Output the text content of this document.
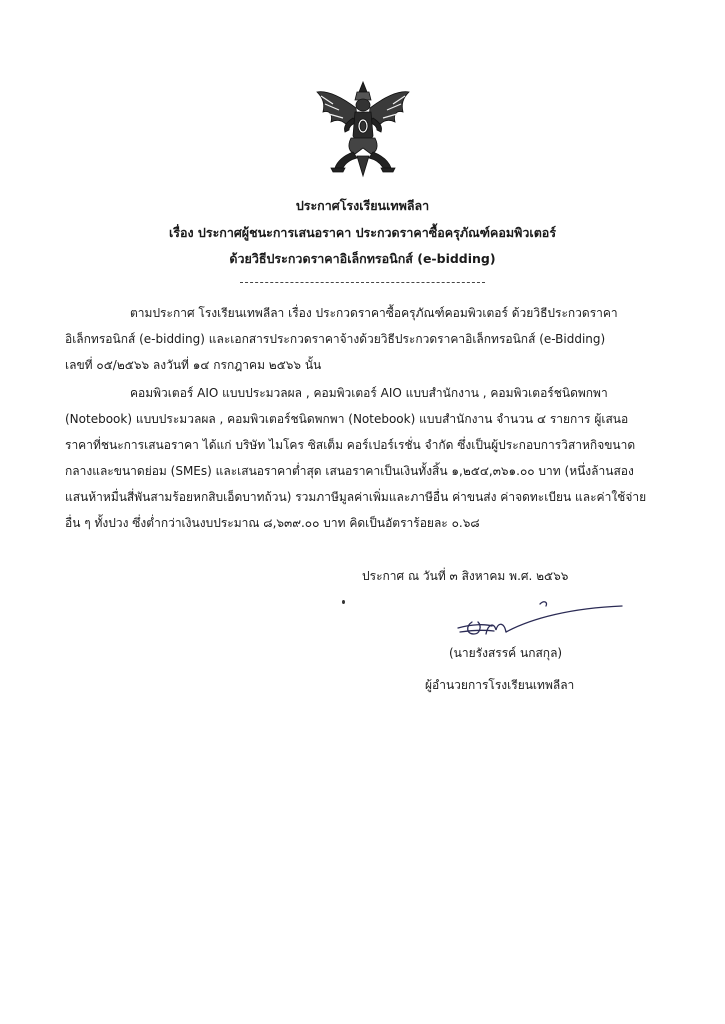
ประกาศโรงเรียนเทพลีลา
เรื่อง ประกาศผู้ชนะการเสนอราคา ประกวดราคาซื้อครุภัณฑ์คอมพิวเตอร์
ด้วยวิธีประกวดราคาอิเล็กทรอนิกส์ (e-bidding)
ตามประกาศ โรงเรียนเทพลีลา เรื่อง ประกวดราคาซื้อครุภัณฑ์คอมพิวเตอร์ ด้วยวิธีประกวดราคา
อิเล็กทรอนิกส์ (e-bidding) และเอกสารประกวดราคาจ้างด้วยวิธีประกวดราคาอิเล็กทรอนิกส์ (e-Bidding)
เลขที่ ๐๕/๒๕๖๖ ลงวันที่ ๑๔ กรกฎาคม ๒๕๖๖ นั้น
คอมพิวเตอร์ AIO แบบประมวลผล , คอมพิวเตอร์ AIO แบบสำนักงาน , คอมพิวเตอร์ชนิดพกพา
(Notebook) แบบประมวลผล , คอมพิวเตอร์ชนิดพกพา (Notebook) แบบสำนักงาน จำนวน ๔ รายการ ผู้เสนอ
ราคาที่ชนะการเสนอราคา ได้แก่ บริษัท ไมโคร ซิสเต็ม คอร์เปอร์เรชั่น จำกัด ซึ่งเป็นผู้ประกอบการวิสาหกิจขนาด
กลางและขนาดย่อม (SMEs) และเสนอราคาต่ำสุด เสนอราคาเป็นเงินทั้งสิ้น ๑,๒๕๔,๓๖๑.๐๐ บาท (หนึ่งล้านสอง
แสนห้าหมื่นสี่พันสามร้อยหกสิบเอ็ดบาทถ้วน) รวมภาษีมูลค่าเพิ่มและภาษีอื่น ค่าขนส่ง ค่าจดทะเบียน และค่าใช้จ่าย
อื่น ๆ ทั้งปวง ซึ่งต่ำกว่าเงินงบประมาณ ๘,๖๓๙.๐๐ บาท คิดเป็นอัตราร้อยละ ๐.๖๘
ประกาศ ณ วันที่ ๓ สิงหาคม พ.ศ. ๒๕๖๖
(นายรังสรรค์ นกสกุล)
ผู้อำนวยการโรงเรียนเทพลีลา
